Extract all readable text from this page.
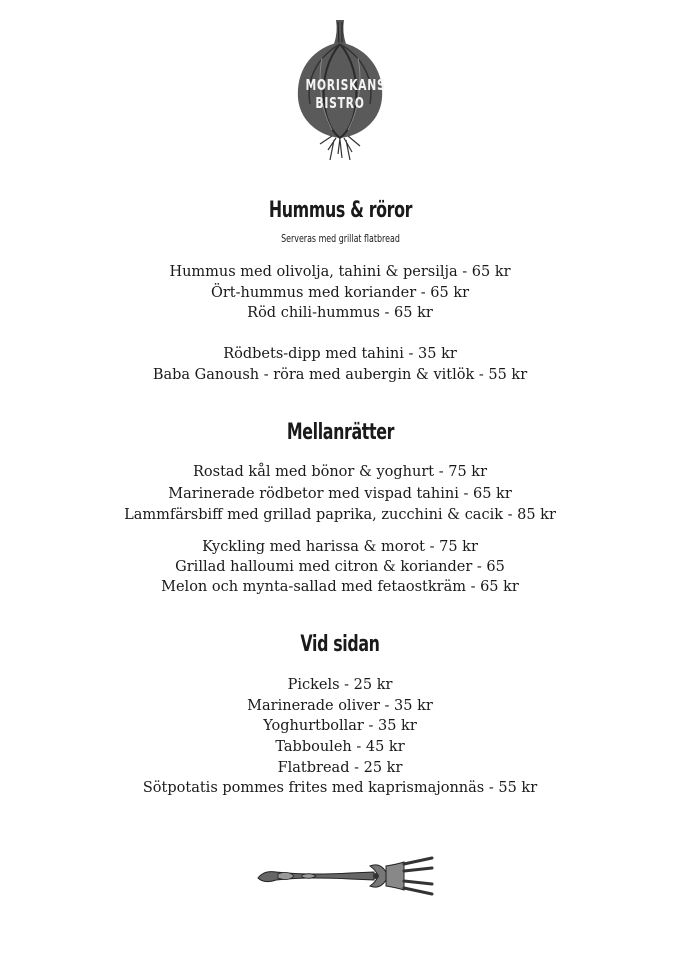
MORISKANS
BISTRO
Hummus & röror
Serveras med grillat flatbread
Hummus med olivolja, tahini & persilja - 65 kr
Ört-hummus med koriander - 65 kr
Röd chili-hummus - 65 kr
Rödbets-dipp med tahini - 35 kr
Baba Ganoush - röra med aubergin & vitlök - 55 kr
Mellanrätter
Rostad kål med bönor & yoghurt - 75 kr
Marinerade rödbetor med vispad tahini - 65 kr
Lammfärsbiff med grillad paprika, zucchini & cacik - 85 kr
Kyckling med harissa & morot - 75 kr
Grillad halloumi med citron & koriander - 65
Melon och mynta-sallad med fetaostkräm - 65 kr
Vid sidan
Pickels - 25 kr
Marinerade oliver - 35 kr
Yoghurtbollar - 35 kr
Tabbouleh - 45 kr
Flatbread - 25 kr
Sötpotatis pommes frites med kaprismajonnäs - 55 kr
